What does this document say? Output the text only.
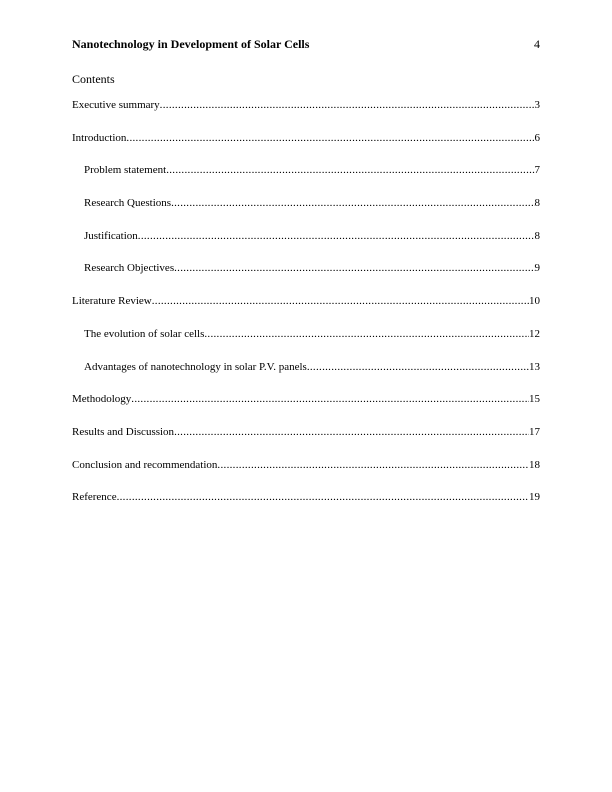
Nanotechnology in Development of Solar Cells	4
Contents
Executive summary .....	3
Introduction .....	6
Problem statement .....	7
Research Questions .....	8
Justification .....	8
Research Objectives .....	9
Literature Review .....	10
The evolution of solar cells .....	12
Advantages of nanotechnology in solar P.V. panels .....	13
Methodology .....	15
Results and Discussion .....	17
Conclusion and recommendation .....	18
Reference .....	19
